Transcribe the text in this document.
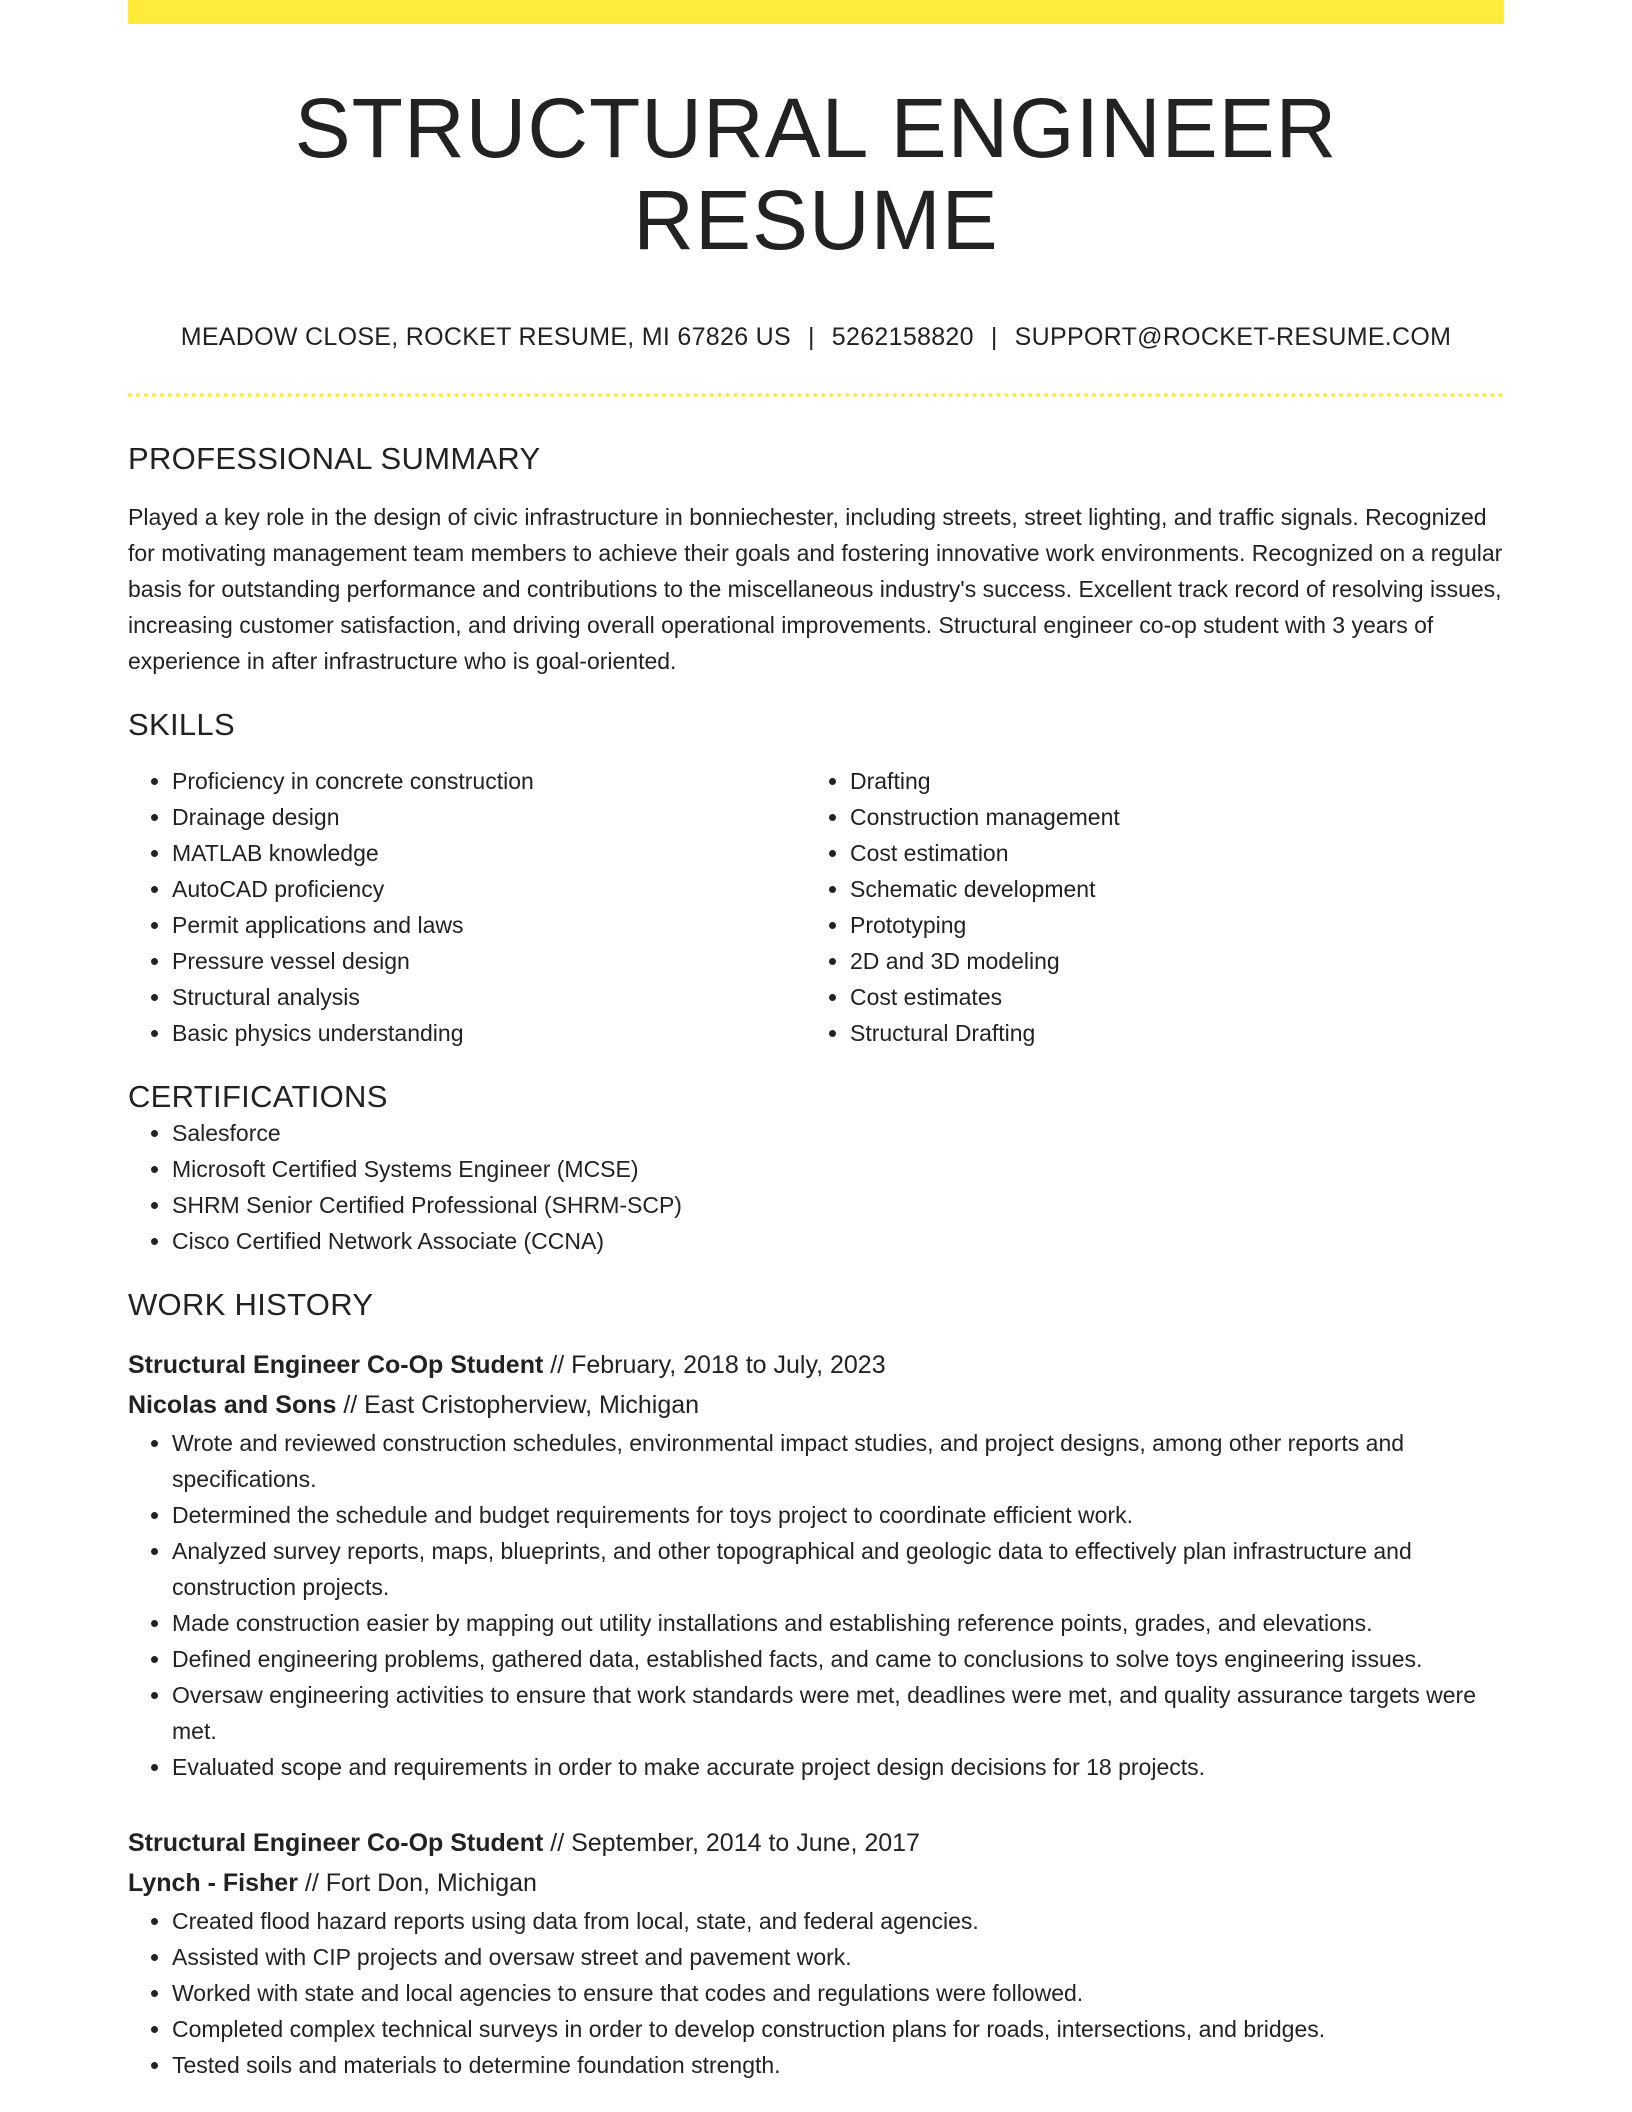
STRUCTURAL ENGINEER RESUME
MEADOW CLOSE, ROCKET RESUME, MI 67826 US | 5262158820 | SUPPORT@ROCKET-RESUME.COM
PROFESSIONAL SUMMARY
Played a key role in the design of civic infrastructure in bonniechester, including streets, street lighting, and traffic signals. Recognized for motivating management team members to achieve their goals and fostering innovative work environments. Recognized on a regular basis for outstanding performance and contributions to the miscellaneous industry's success. Excellent track record of resolving issues, increasing customer satisfaction, and driving overall operational improvements. Structural engineer co-op student with 3 years of experience in after infrastructure who is goal-oriented.
SKILLS
• Proficiency in concrete construction
• Drainage design
• MATLAB knowledge
• AutoCAD proficiency
• Permit applications and laws
• Pressure vessel design
• Structural analysis
• Basic physics understanding
• Drafting
• Construction management
• Cost estimation
• Schematic development
• Prototyping
• 2D and 3D modeling
• Cost estimates
• Structural Drafting
CERTIFICATIONS
• Salesforce
• Microsoft Certified Systems Engineer (MCSE)
• SHRM Senior Certified Professional (SHRM-SCP)
• Cisco Certified Network Associate (CCNA)
WORK HISTORY
Structural Engineer Co-Op Student // February, 2018 to July, 2023
Nicolas and Sons // East Cristopherview, Michigan
• Wrote and reviewed construction schedules, environmental impact studies, and project designs, among other reports and specifications.
• Determined the schedule and budget requirements for toys project to coordinate efficient work.
• Analyzed survey reports, maps, blueprints, and other topographical and geologic data to effectively plan infrastructure and construction projects.
• Made construction easier by mapping out utility installations and establishing reference points, grades, and elevations.
• Defined engineering problems, gathered data, established facts, and came to conclusions to solve toys engineering issues.
• Oversaw engineering activities to ensure that work standards were met, deadlines were met, and quality assurance targets were met.
• Evaluated scope and requirements in order to make accurate project design decisions for 18 projects.
Structural Engineer Co-Op Student // September, 2014 to June, 2017
Lynch - Fisher // Fort Don, Michigan
• Created flood hazard reports using data from local, state, and federal agencies.
• Assisted with CIP projects and oversaw street and pavement work.
• Worked with state and local agencies to ensure that codes and regulations were followed.
• Completed complex technical surveys in order to develop construction plans for roads, intersections, and bridges.
• Tested soils and materials to determine foundation strength.
